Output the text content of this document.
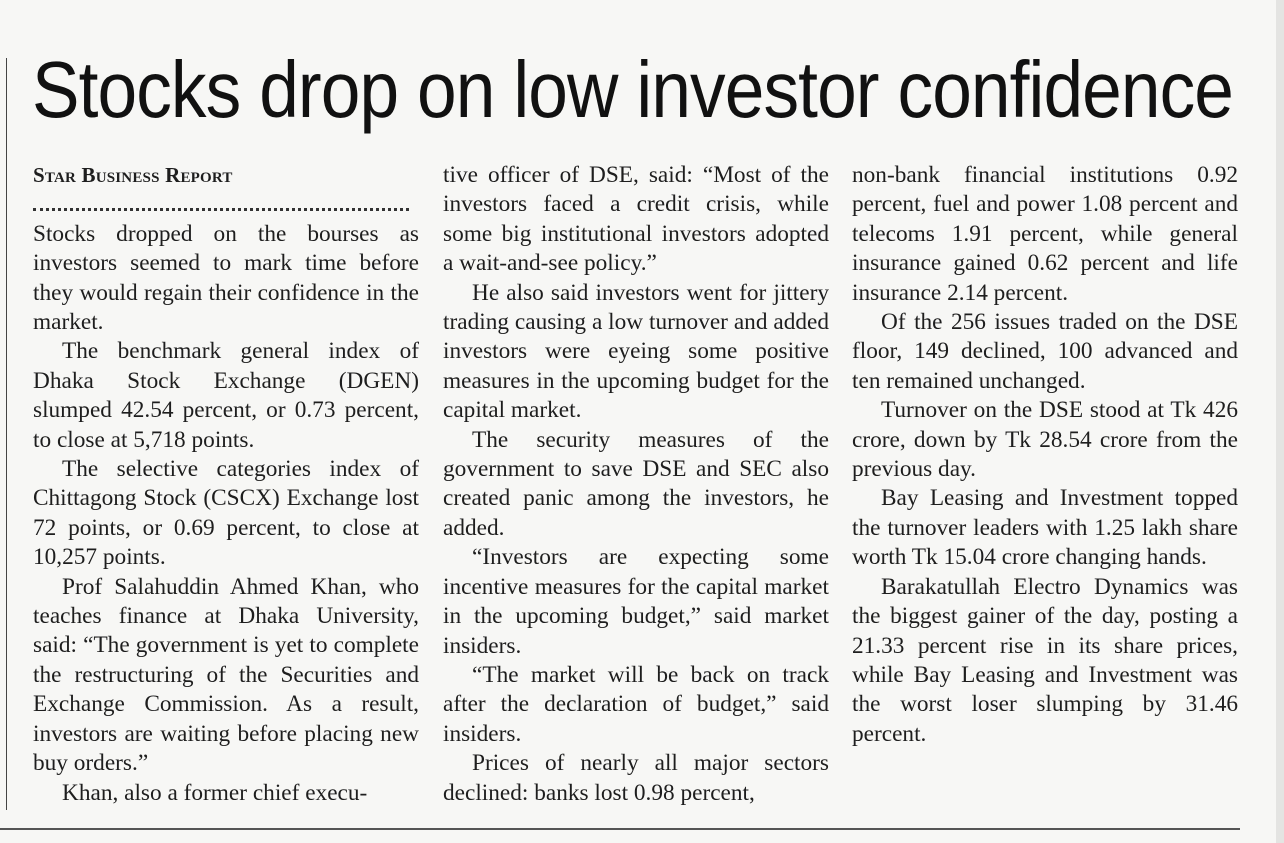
Stocks drop on low investor confidence
Star Business Report

Stocks dropped on the bourses as investors seemed to mark time before they would regain their confidence in the market.

The benchmark general index of Dhaka Stock Exchange (DGEN) slumped 42.54 percent, or 0.73 percent, to close at 5,718 points.

The selective categories index of Chittagong Stock (CSCX) Exchange lost 72 points, or 0.69 percent, to close at 10,257 points.

Prof Salahuddin Ahmed Khan, who teaches finance at Dhaka University, said: “The government is yet to complete the restructuring of the Securities and Exchange Commission. As a result, investors are waiting before placing new buy orders.”

Khan, also a former chief execu-

tive officer of DSE, said: “Most of the investors faced a credit crisis, while some big institutional investors adopted a wait-and-see policy.”

He also said investors went for jittery trading causing a low turnover and added investors were eyeing some positive measures in the upcoming budget for the capital market.

The security measures of the government to save DSE and SEC also created panic among the investors, he added.

“Investors are expecting some incentive measures for the capital market in the upcoming budget,” said market insiders.

“The market will be back on track after the declaration of budget,” said insiders.

Prices of nearly all major sectors declined: banks lost 0.98 percent,

non-bank financial institutions 0.92 percent, fuel and power 1.08 percent and telecoms 1.91 percent, while general insurance gained 0.62 percent and life insurance 2.14 percent.

Of the 256 issues traded on the DSE floor, 149 declined, 100 advanced and ten remained unchanged.

Turnover on the DSE stood at Tk 426 crore, down by Tk 28.54 crore from the previous day.

Bay Leasing and Investment topped the turnover leaders with 1.25 lakh share worth Tk 15.04 crore changing hands.

Barakatullah Electro Dynamics was the biggest gainer of the day, posting a 21.33 percent rise in its share prices, while Bay Leasing and Investment was the worst loser slumping by 31.46 percent.
